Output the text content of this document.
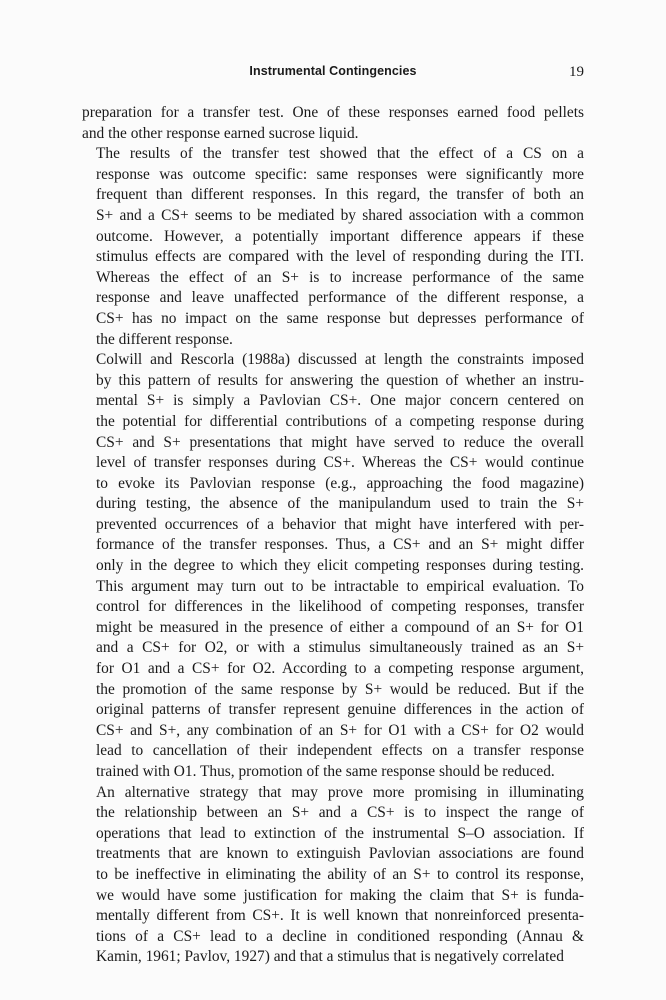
Instrumental Contingencies	19

preparation for a transfer test. One of these responses earned food pellets
and the other response earned sucrose liquid.

The results of the transfer test showed that the effect of a CS on a
response was outcome specific: same responses were significantly more
frequent than different responses. In this regard, the transfer of both an
S+ and a CS+ seems to be mediated by shared association with a common
outcome. However, a potentially important difference appears if these
stimulus effects are compared with the level of responding during the ITI.
Whereas the effect of an S+ is to increase performance of the same
response and leave unaffected performance of the different response, a
CS+ has no impact on the same response but depresses performance of
the different response.

Colwill and Rescorla (1988a) discussed at length the constraints imposed
by this pattern of results for answering the question of whether an instru-
mental S+ is simply a Pavlovian CS+. One major concern centered on
the potential for differential contributions of a competing response during
CS+ and S+ presentations that might have served to reduce the overall
level of transfer responses during CS+. Whereas the CS+ would continue
to evoke its Pavlovian response (e.g., approaching the food magazine)
during testing, the absence of the manipulandum used to train the S+
prevented occurrences of a behavior that might have interfered with per-
formance of the transfer responses. Thus, a CS+ and an S+ might differ
only in the degree to which they elicit competing responses during testing.
This argument may turn out to be intractable to empirical evaluation. To
control for differences in the likelihood of competing responses, transfer
might be measured in the presence of either a compound of an S+ for O1
and a CS+ for O2, or with a stimulus simultaneously trained as an S+
for O1 and a CS+ for O2. According to a competing response argument,
the promotion of the same response by S+ would be reduced. But if the
original patterns of transfer represent genuine differences in the action of
CS+ and S+, any combination of an S+ for O1 with a CS+ for O2 would
lead to cancellation of their independent effects on a transfer response
trained with O1. Thus, promotion of the same response should be reduced.

An alternative strategy that may prove more promising in illuminating
the relationship between an S+ and a CS+ is to inspect the range of
operations that lead to extinction of the instrumental S–O association. If
treatments that are known to extinguish Pavlovian associations are found
to be ineffective in eliminating the ability of an S+ to control its response,
we would have some justification for making the claim that S+ is funda-
mentally different from CS+. It is well known that nonreinforced presenta-
tions of a CS+ lead to a decline in conditioned responding (Annau &
Kamin, 1961; Pavlov, 1927) and that a stimulus that is negatively correlated
